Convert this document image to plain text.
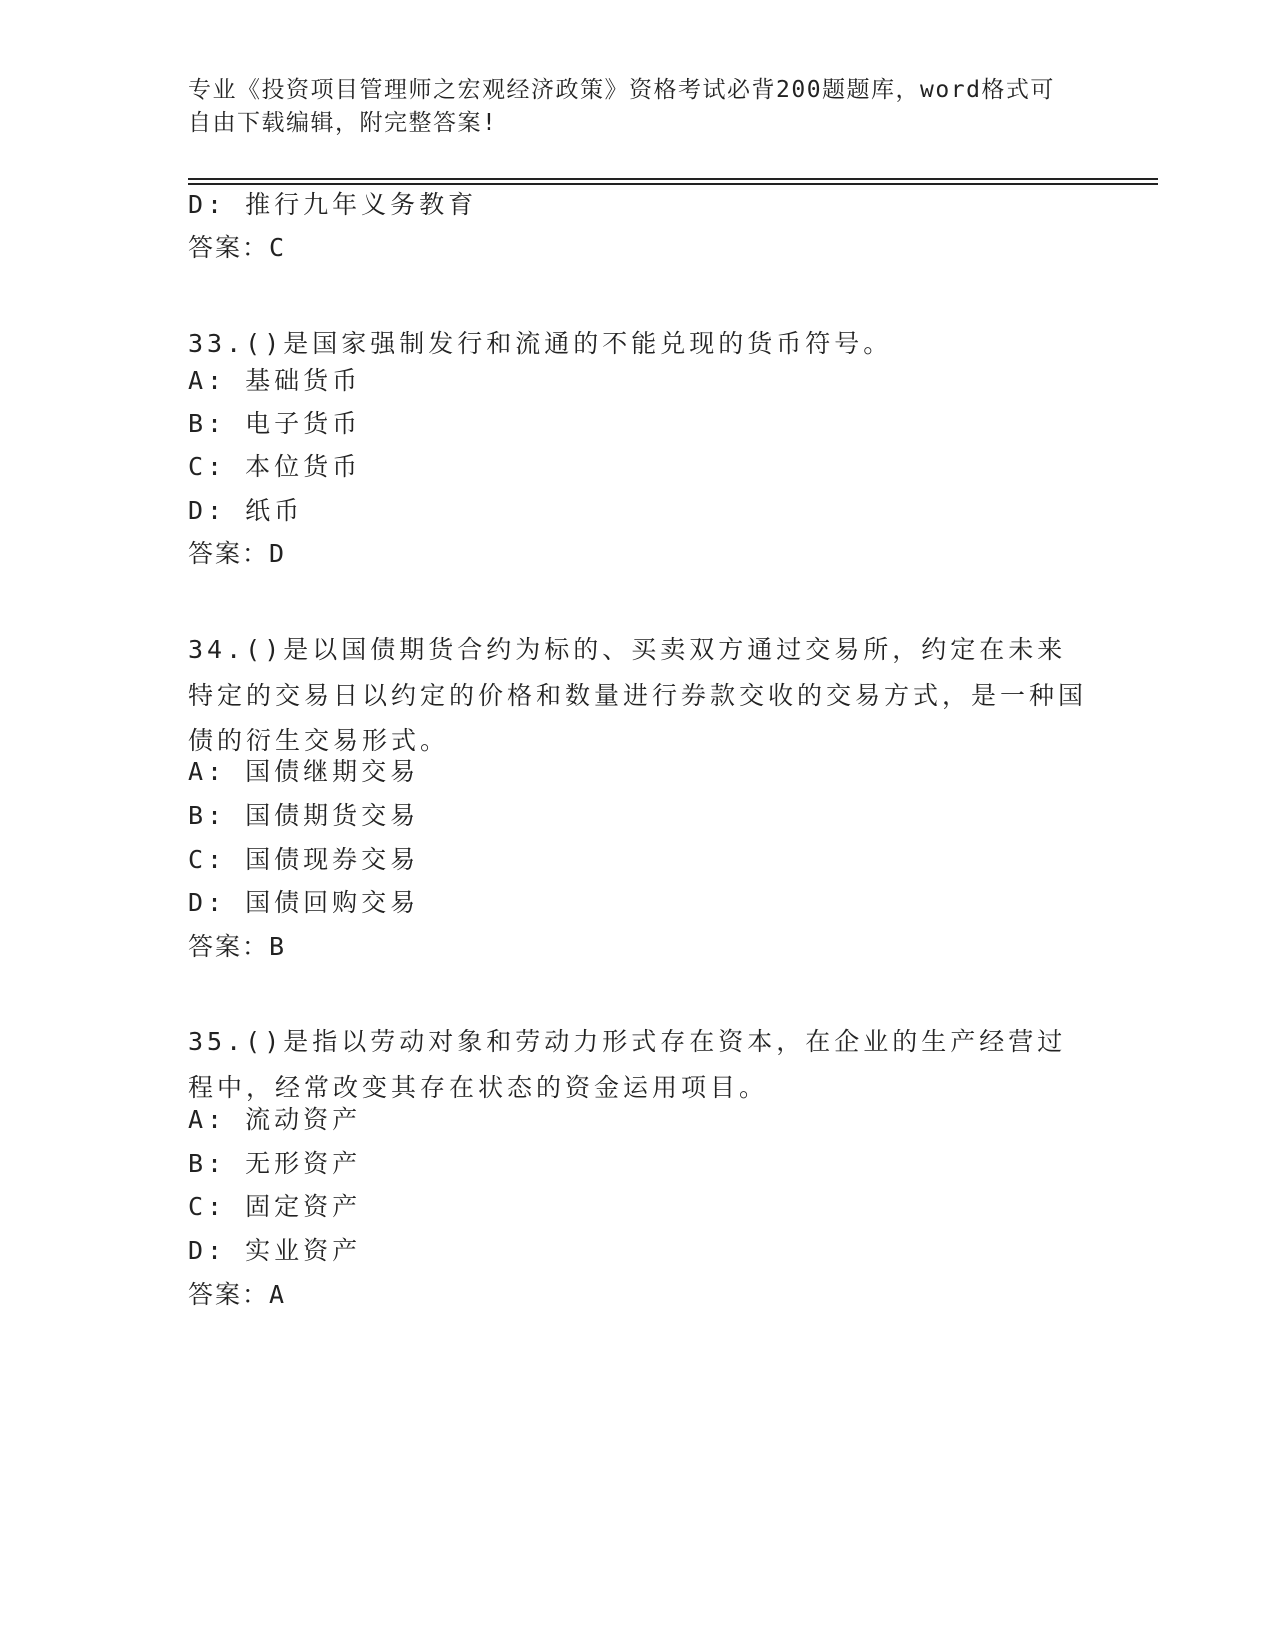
专业《投资项目管理师之宏观经济政策》资格考试必背200题题库，word格式可自由下载编辑，附完整答案!
D: 推行九年义务教育
答案：C
33.()是国家强制发行和流通的不能兑现的货币符号。
A: 基础货币
B: 电子货币
C: 本位货币
D: 纸币
答案：D
34.()是以国债期货合约为标的、买卖双方通过交易所，约定在未来特定的交易日以约定的价格和数量进行券款交收的交易方式，是一种国债的衍生交易形式。
A: 国债继期交易
B: 国债期货交易
C: 国债现券交易
D: 国债回购交易
答案：B
35.()是指以劳动对象和劳动力形式存在资本，在企业的生产经营过程中，经常改变其存在状态的资金运用项目。
A: 流动资产
B: 无形资产
C: 固定资产
D: 实业资产
答案：A
